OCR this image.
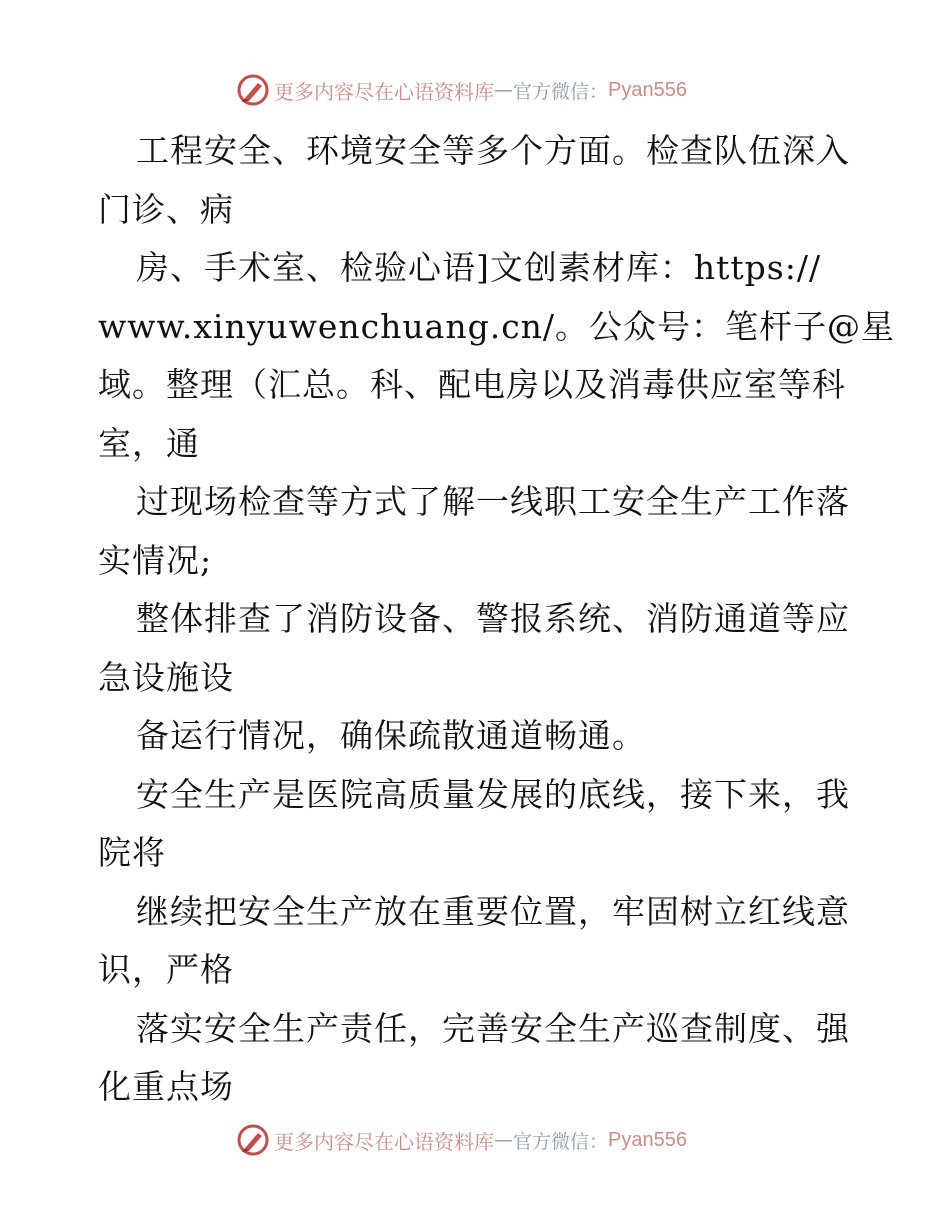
更多内容尽在心语资料库 — 官方微信： Pyan556
工程安全、环境安全等多个方面。检查队伍深入
门诊、病
房、手术室、检验心语]文创素材库：https://
www.xinyuwenchuang.cn/。公众号：笔杆子@星
域。整理（汇总。科、配电房以及消毒供应室等科
室，通
过现场检查等方式了解一线职工安全生产工作落
实情况;
整体排查了消防设备、警报系统、消防通道等应
急设施设
备运行情况，确保疏散通道畅通。
安全生产是医院高质量发展的底线，接下来，我
院将
继续把安全生产放在重要位置，牢固树立红线意
识，严格
落实安全生产责任，完善安全生产巡查制度、强
化重点场
更多内容尽在心语资料库 — 官方微信： Pyan556
